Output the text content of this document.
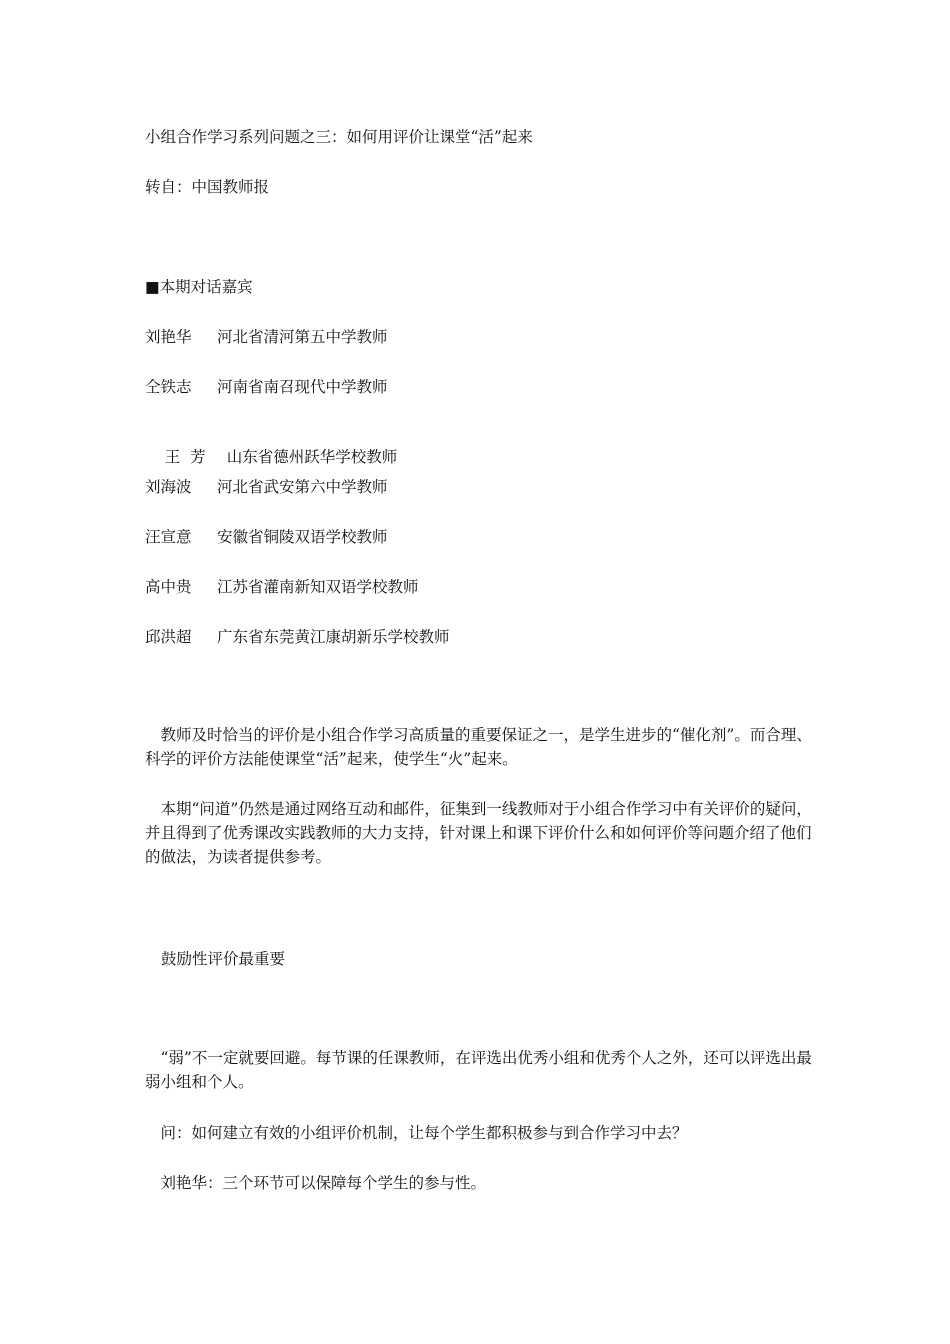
小组合作学习系列问题之三：如何用评价让课堂“活”起来
转自：中国教师报
■本期对话嘉宾
刘艳华 河北省清河第五中学教师
仝铁志 河南省南召现代中学教师

王  芳 山东省德州跃华学校教师

刘海波 河北省武安第六中学教师
汪宣意 安徽省铜陵双语学校教师
高中贵 江苏省灌南新知双语学校教师
邱洪超 广东省东莞黄江康胡新乐学校教师
教师及时恰当的评价是小组合作学习高质量的重要保证之一，是学生进步的“催化剂”。而合理、科学的评价方法能使课堂“活”起来，使学生“火”起来。
本期“问道”仍然是通过网络互动和邮件，征集到一线教师对于小组合作学习中有关评价的疑问，并且得到了优秀课改实践教师的大力支持，针对课上和课下评价什么和如何评价等问题介绍了他们的做法，为读者提供参考。
鼓励性评价最重要
“弱”不一定就要回避。每节课的任课教师，在评选出优秀小组和优秀个人之外，还可以评选出最弱小组和个人。
问：如何建立有效的小组评价机制，让每个学生都积极参与到合作学习中去？
刘艳华：三个环节可以保障每个学生的参与性。
